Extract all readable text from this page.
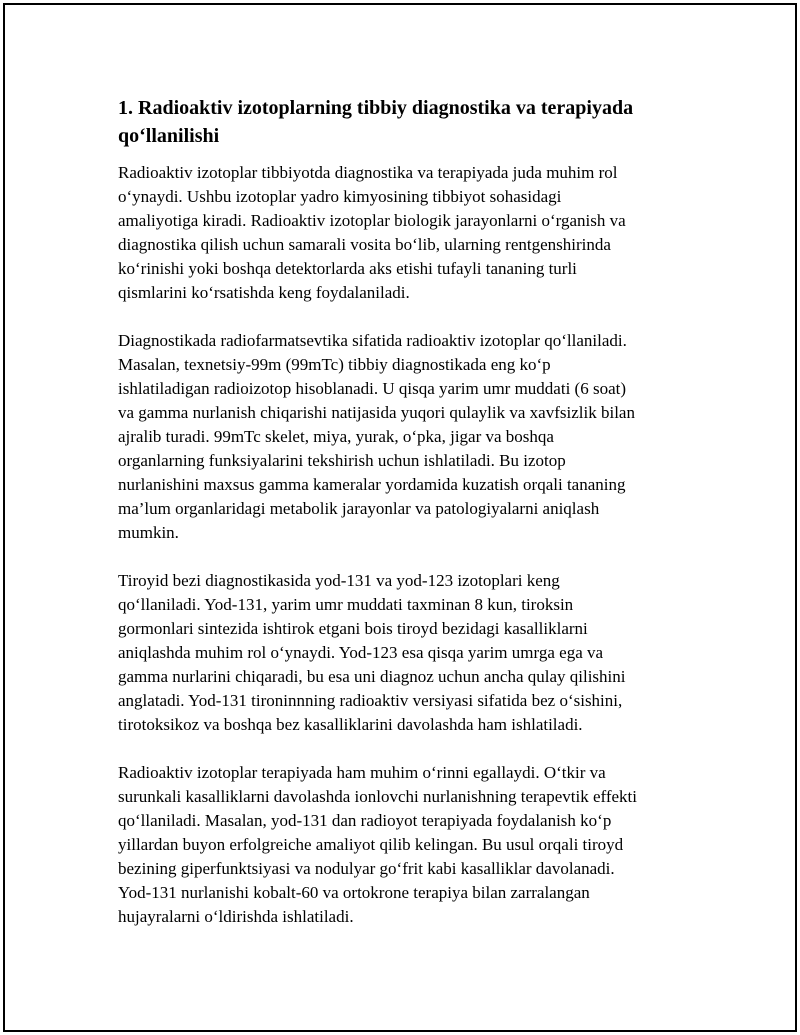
1. Radioaktiv izotoplarning tibbiy diagnostika va terapiyada
qo‘llanilishi

Radioaktiv izotoplar tibbiyotda diagnostika va terapiyada juda muhim rol
o‘ynaydi. Ushbu izotoplar yadro kimyosining tibbiyot sohasidagi
amaliyotiga kiradi. Radioaktiv izotoplar biologik jarayonlarni o‘rganish va
diagnostika qilish uchun samarali vosita bo‘lib, ularning rentgenshirinda
ko‘rinishi yoki boshqa detektorlarda aks etishi tufayli tananing turli
qismlarini ko‘rsatishda keng foydalaniladi.

Diagnostikada radiofarmatsevtika sifatida radioaktiv izotoplar qo‘llaniladi.
Masalan, texnetsiy-99m (99mTc) tibbiy diagnostikada eng ko‘p
ishlatiladigan radioizotop hisoblanadi. U qisqa yarim umr muddati (6 soat)
va gamma nurlanish chiqarishi natijasida yuqori qulaylik va xavfsizlik bilan
ajralib turadi. 99mTc skelet, miya, yurak, o‘pka, jigar va boshqa
organlarning funksiyalarini tekshirish uchun ishlatiladi. Bu izotop
nurlanishini maxsus gamma kameralar yordamida kuzatish orqali tananing
ma’lum organlaridagi metabolik jarayonlar va patologiyalarni aniqlash
mumkin.

Tiroyid bezi diagnostikasida yod-131 va yod-123 izotoplari keng
qo‘llaniladi. Yod-131, yarim umr muddati taxminan 8 kun, tiroksin
gormonlari sintezida ishtirok etgani bois tiroyd bezidagi kasalliklarni
aniqlashda muhim rol o‘ynaydi. Yod-123 esa qisqa yarim umrga ega va
gamma nurlarini chiqaradi, bu esa uni diagnoz uchun ancha qulay qilishini
anglatadi. Yod-131 tironinnning radioaktiv versiyasi sifatida bez o‘sishini,
tirotoksikoz va boshqa bez kasalliklarini davolashda ham ishlatiladi.

Radioaktiv izotoplar terapiyada ham muhim o‘rinni egallaydi. O‘tkir va
surunkali kasalliklarni davolashda ionlovchi nurlanishning terapevtik effekti
qo‘llaniladi. Masalan, yod-131 dan radioyot terapiyada foydalanish ko‘p
yillardan buyon erfolgreiche amaliyot qilib kelingan. Bu usul orqali tiroyd
bezining giperfunktsiyasi va nodulyar go‘frit kabi kasalliklar davolanadi.
Yod-131 nurlanishi kobalt-60 va ortokrone terapiya bilan zarralangan
hujayralarni o‘ldirishda ishlatiladi.
